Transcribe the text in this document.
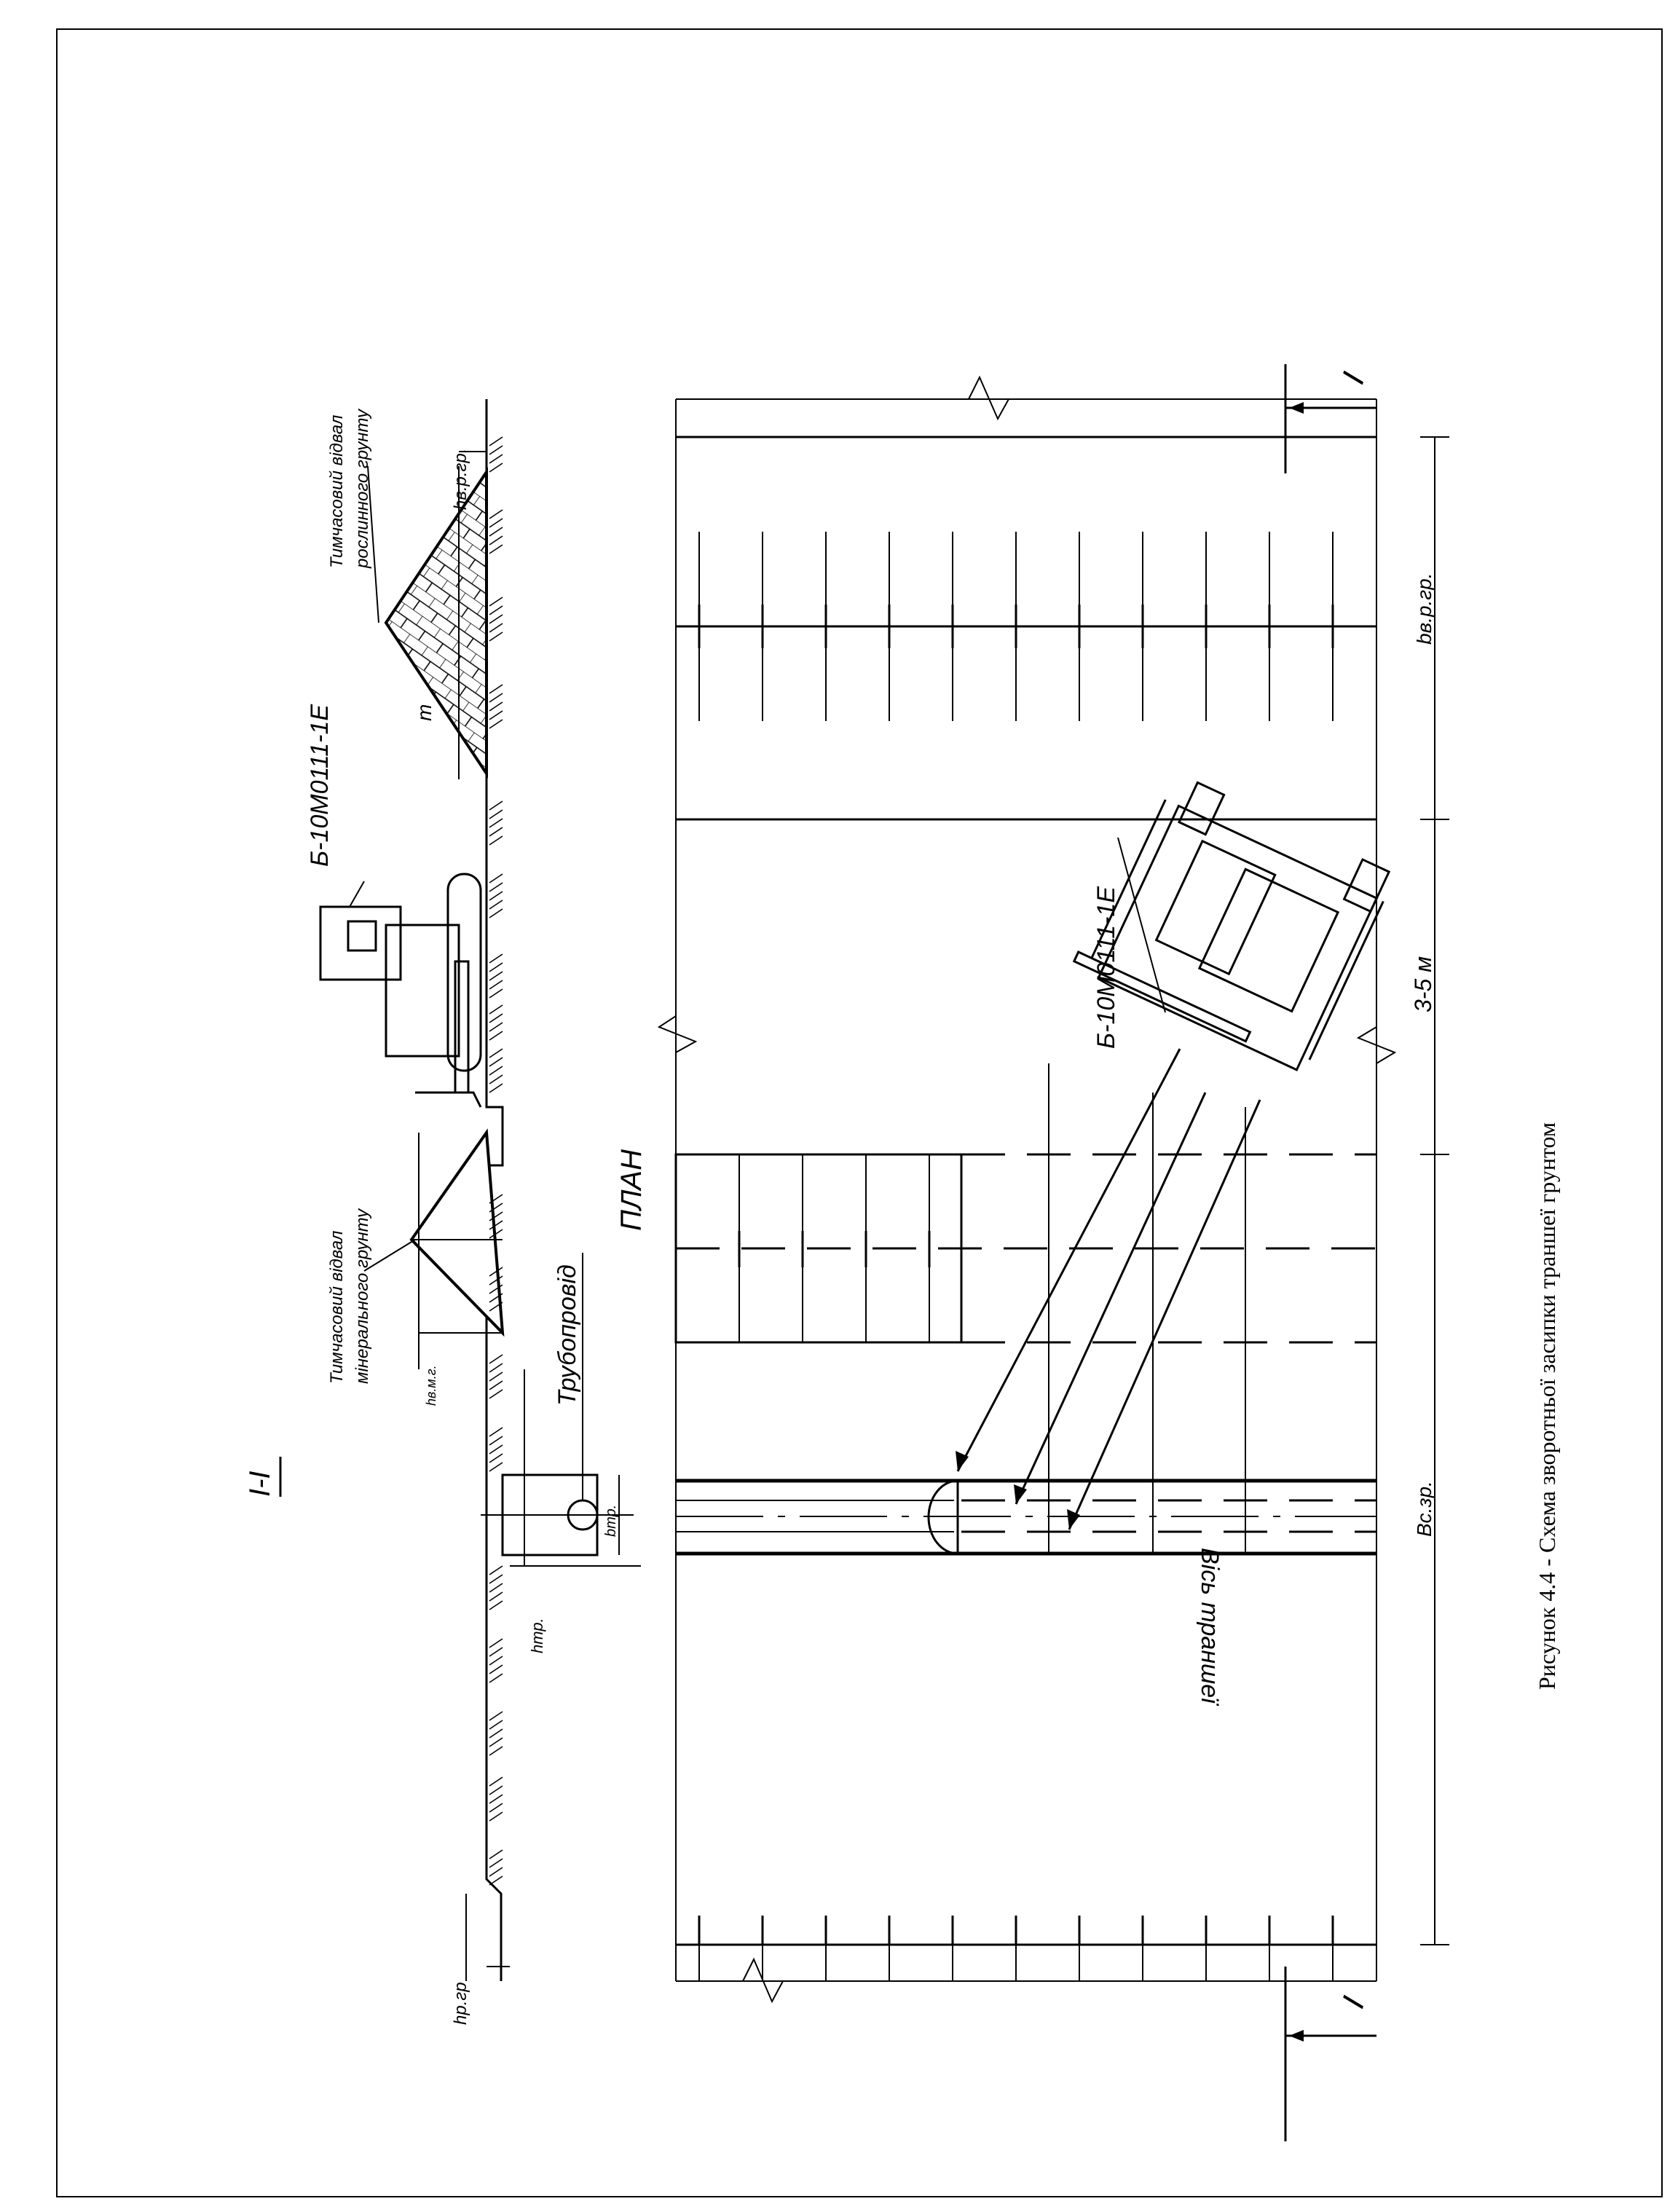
І-І
Тимчасовий відвал мінерального грунту
Тимчасовий відвал рослинного грунту
Б-10М0111-1Е
Трубопровід
hтр.
bтр.
hв.м.г.
hв.р.гр.
hр.гр
m
ПЛАН
Б-10М0111-1Е
Вісь траншеї
bв.р.гр.
3-5 м
Bс.зр.
І
І
Рисунок 4.4 - Схема зворотньої засипки траншеї грунтом
